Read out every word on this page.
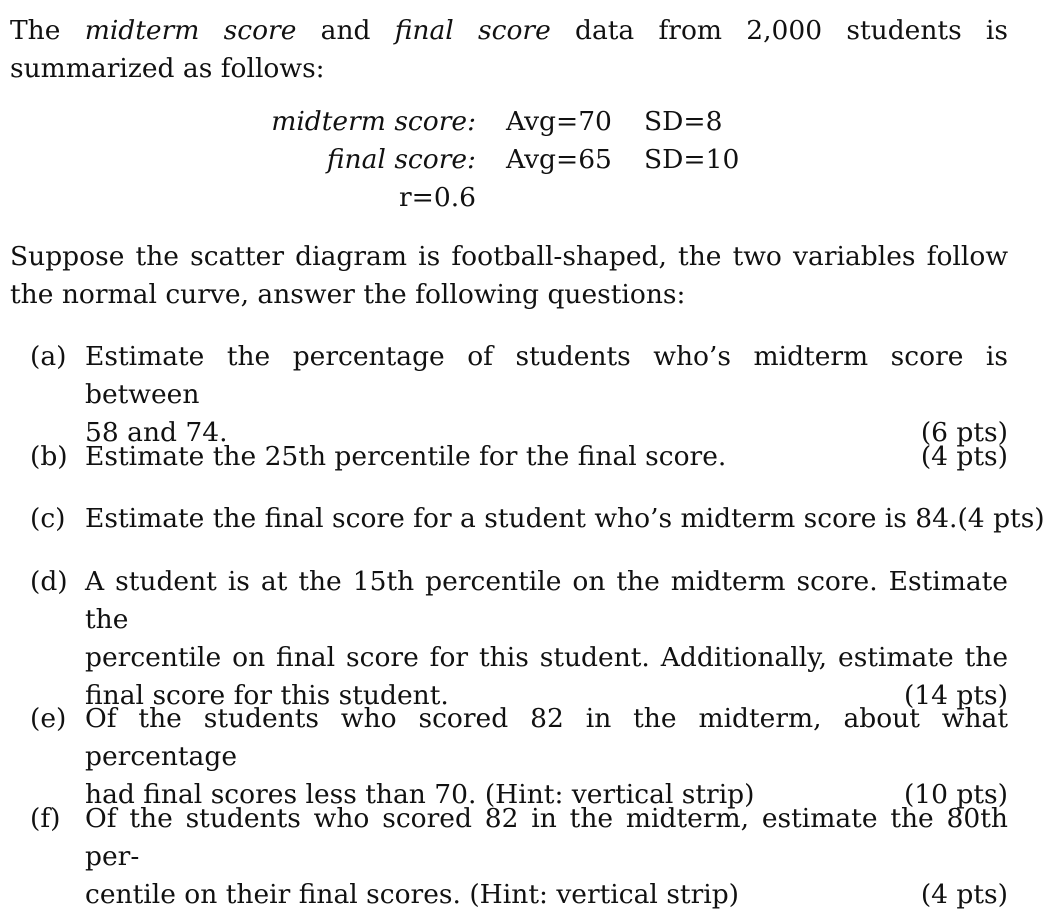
The midterm score and final score data from 2,000 students is summarized as follows:

midterm score: Avg=70 SD=8
final score: Avg=65 SD=10
r=0.6

Suppose the scatter diagram is football-shaped, the two variables follow the normal curve, answer the following questions:

(a) Estimate the percentage of students who’s midterm score is between
58 and 74.	(6 pts)
(b) Estimate the 25th percentile for the final score.	(4 pts)
(c) Estimate the final score for a student who’s midterm score is 84. (4 pts)
(d) A student is at the 15th percentile on the midterm score. Estimate the
percentile on final score for this student. Additionally, estimate the
final score for this student.	(14 pts)
(e) Of the students who scored 82 in the midterm, about what percentage
had final scores less than 70. (Hint: vertical strip)	(10 pts)
(f) Of the students who scored 82 in the midterm, estimate the 80th per-
centile on their final scores. (Hint: vertical strip)	(4 pts)
